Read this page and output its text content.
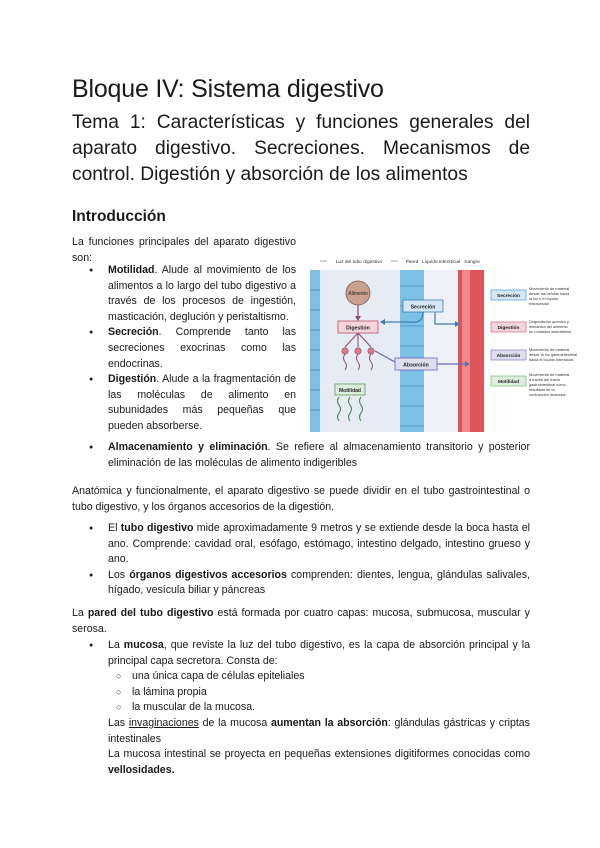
Bloque IV: Sistema digestivo
Tema 1: Características y funciones generales del aparato digestivo. Secreciones. Mecanismos de control. Digestión y absorción de los alimentos
Introducción

La funciones principales del aparato digestivo son:

● Motilidad. Alude al movimiento de los alimentos a lo largo del tubo digestivo a través de los procesos de ingestión, masticación, deglución y peristaltismo.
● Secreción. Comprende tanto las secreciones exocrinas como las endocrinas.
● Digestión. Alude a la fragmentación de las moléculas de alimento en subunidades más pequeñas que pueden absorberse.
● Almacenamiento y eliminación. Se refiere al almacenamiento transitorio y posterior eliminación de las moléculas de alimento indigeribles

Anatómica y funcionalmente, el aparato digestivo se puede dividir en el tubo gastrointestinal o tubo digestivo, y los órganos accesorios de la digestión.

● El tubo digestivo mide aproximadamente 9 metros y se extiende desde la boca hasta el ano. Comprende: cavidad oral, esófago, estómago, intestino delgado, intestino grueso y ano.
● Los órganos digestivos accesorios comprenden: dientes, lengua, glándulas salivales, hígado, vesícula biliar y páncreas

La pared del tubo digestivo está formada por cuatro capas: mucosa, submucosa, muscular y serosa.

● La mucosa, que reviste la luz del tubo digestivo, es la capa de absorción principal y la principal capa secretora. Consta de:
○ una única capa de células epiteliales
○ la lámina propia
○ la muscular de la mucosa.
Las invaginaciones de la mucosa aumentan la absorción: glándulas gástricas y criptas intestinales
La mucosa intestinal se proyecta en pequeñas extensiones digitiformes conocidas como vellosidades.
Luz del tubo digestivo	Pared Líquido intersticial Sangre
Alimento
Digestión
Secreción
Absorción
Motilidad
Secreción
Movimiento de material desde las células hacia la luz o el líquido extracelular
Digestión
Degradación química y mecánica del alimento en unidades absorbibles
Absorción
Movimiento de material desde la luz gastrointestinal hacia el líquido intersticial
Motilidad
Movimiento de material a través del tracto gastrointestinal como resultado de la contracción muscular
